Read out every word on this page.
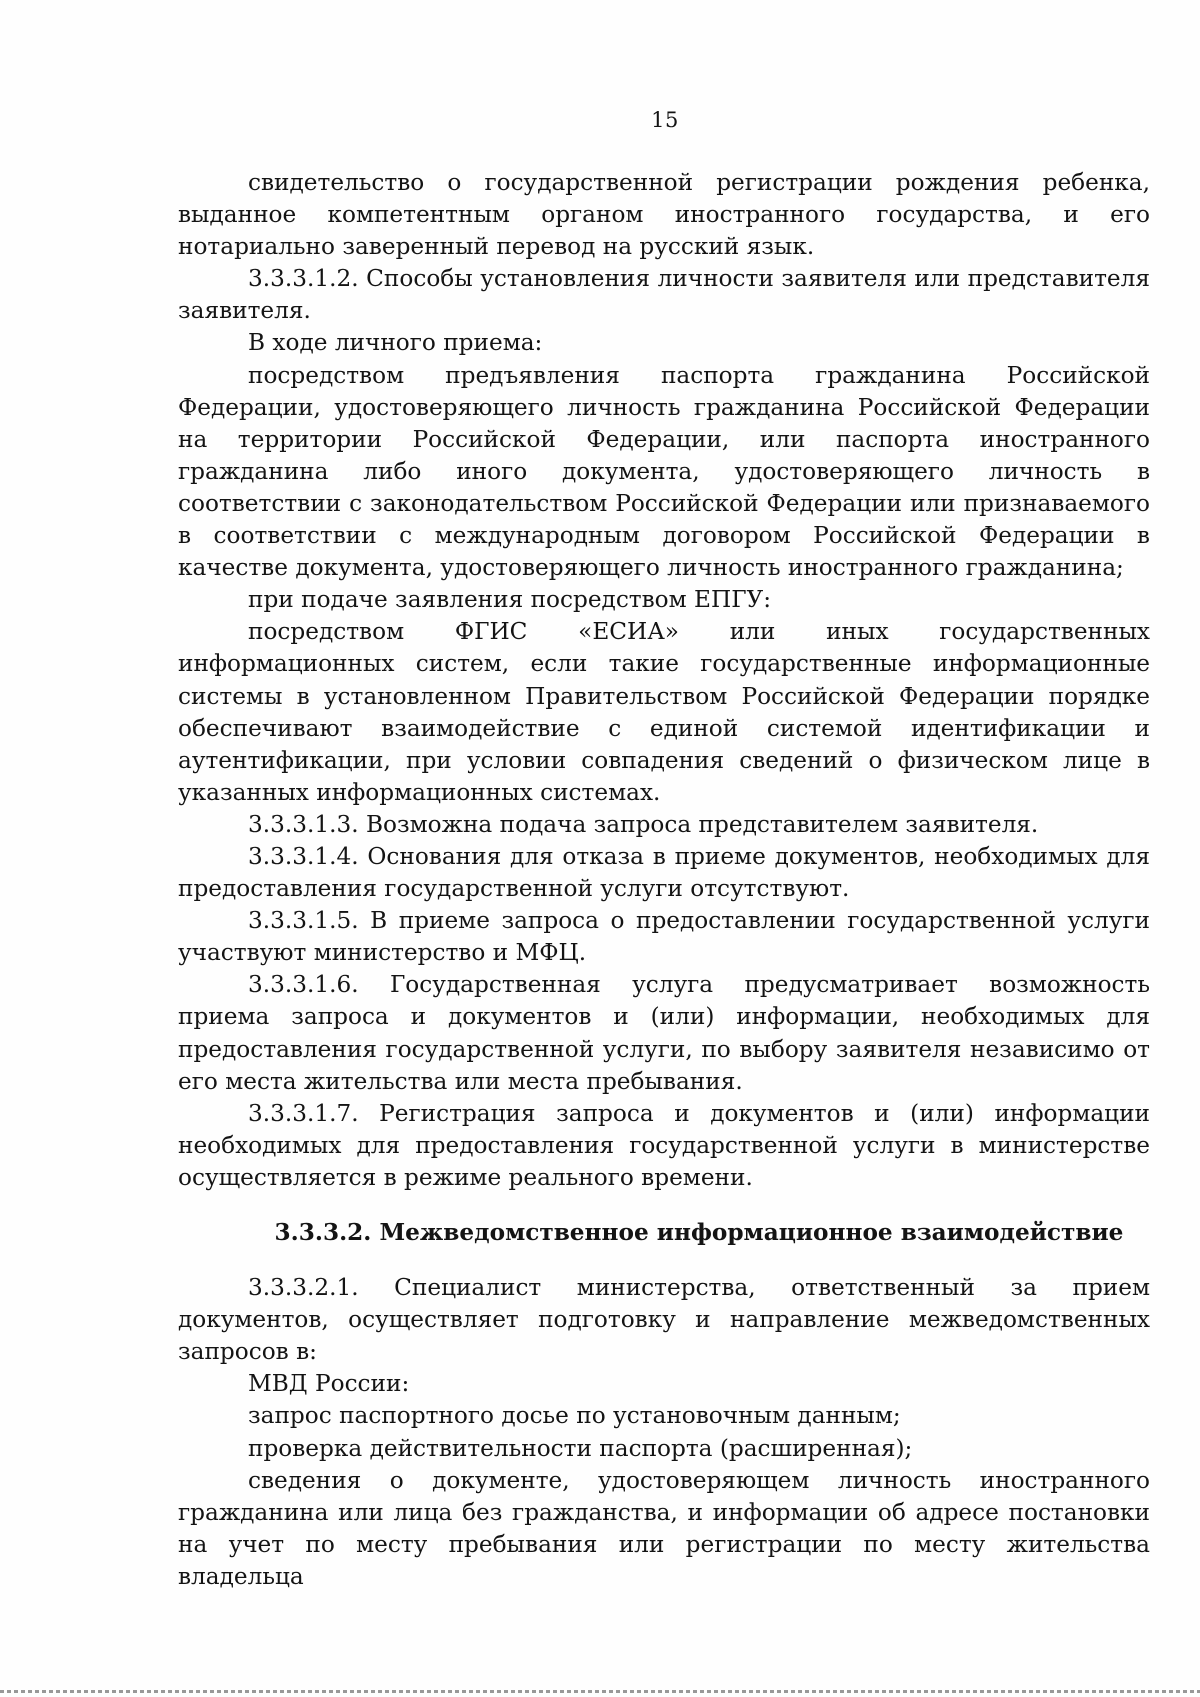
15

свидетельство о государственной регистрации рождения ребенка, выданное компетентным органом иностранного государства, и его нотариально заверенный перевод на русский язык.

3.3.3.1.2. Способы установления личности заявителя или представителя заявителя.

В ходе личного приема:

посредством предъявления паспорта гражданина Российской Федерации, удостоверяющего личность гражданина Российской Федерации на территории Российской Федерации, или паспорта иностранного гражданина либо иного документа, удостоверяющего личность в соответствии с законодательством Российской Федерации или признаваемого в соответствии с международным договором Российской Федерации в качестве документа, удостоверяющего личность иностранного гражданина;

при подаче заявления посредством ЕПГУ:

посредством ФГИС «ЕСИА» или иных государственных информационных систем, если такие государственные информационные системы в установленном Правительством Российской Федерации порядке обеспечивают взаимодействие с единой системой идентификации и аутентификации, при условии совпадения сведений о физическом лице в указанных информационных системах.

3.3.3.1.3. Возможна подача запроса представителем заявителя.

3.3.3.1.4. Основания для отказа в приеме документов, необходимых для предоставления государственной услуги отсутствуют.

3.3.3.1.5. В приеме запроса о предоставлении государственной услуги участвуют министерство и МФЦ.

3.3.3.1.6. Государственная услуга предусматривает возможность приема запроса и документов и (или) информации, необходимых для предоставления государственной услуги, по выбору заявителя независимо от его места жительства или места пребывания.

3.3.3.1.7. Регистрация запроса и документов и (или) информации необходимых для предоставления государственной услуги в министерстве осуществляется в режиме реального времени.

3.3.3.2. Межведомственное информационное взаимодействие

3.3.3.2.1. Специалист министерства, ответственный за прием документов, осуществляет подготовку и направление межведомственных запросов в:

МВД России:

запрос паспортного досье по установочным данным;

проверка действительности паспорта (расширенная);

сведения о документе, удостоверяющем личность иностранного гражданина или лица без гражданства, и информации об адресе постановки на учет по месту пребывания или регистрации по месту жительства владельца
